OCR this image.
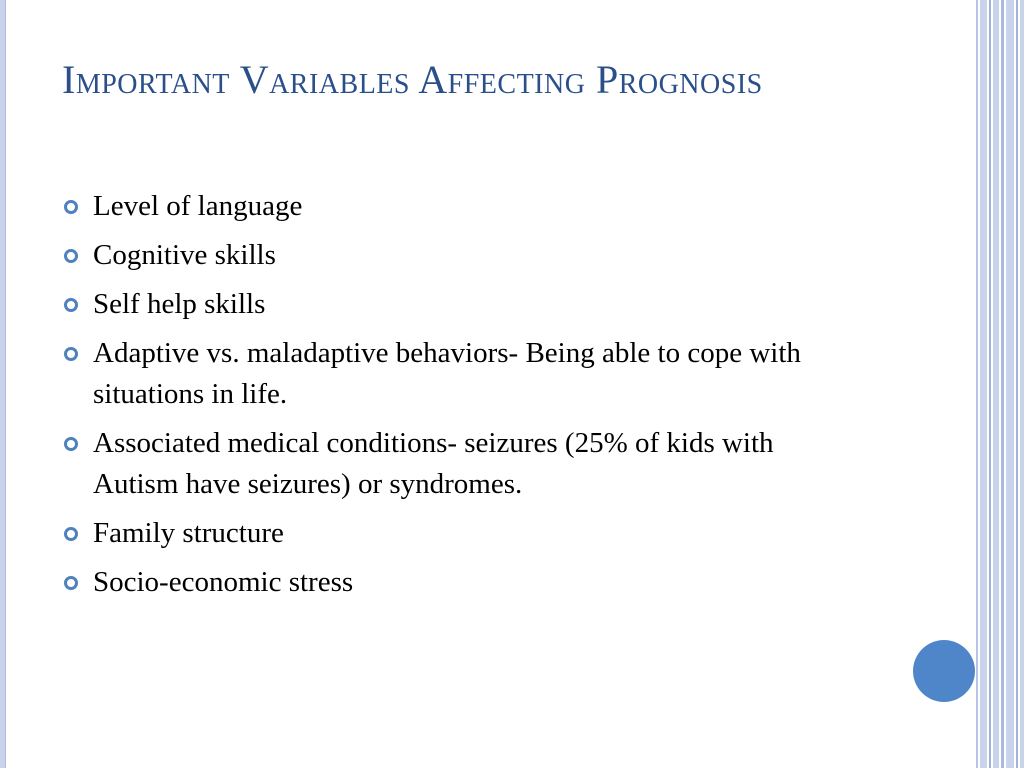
Important Variables Affecting Prognosis
Level of language
Cognitive skills
Self help skills
Adaptive vs. maladaptive behaviors- Being able to cope with situations in life.
Associated medical conditions- seizures (25% of kids with Autism have seizures) or syndromes.
Family structure
Socio-economic stress
